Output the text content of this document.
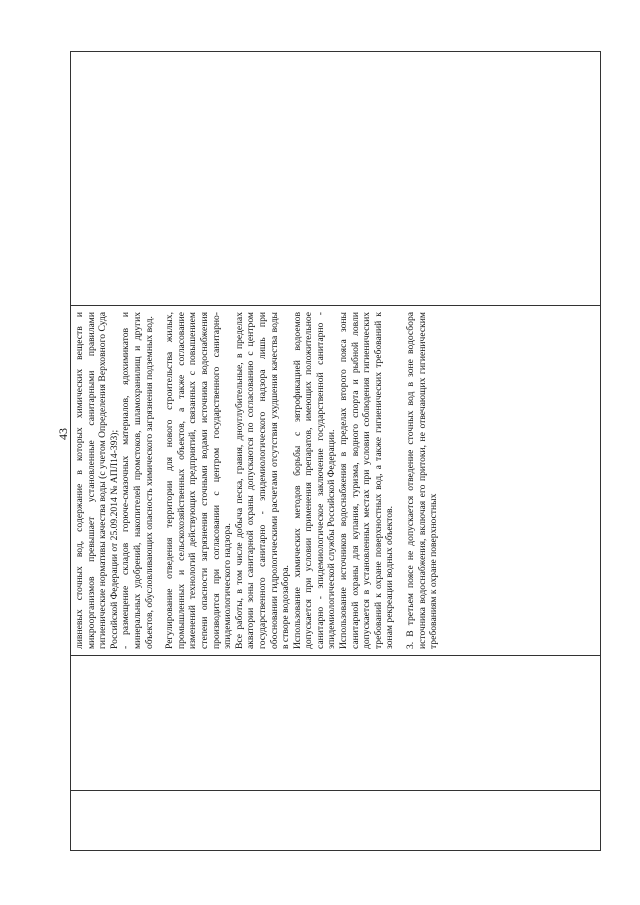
43 ливневых сточных вод, содержание в которых химических веществ и микроорганизмов превышает установленные санитарными правилами гигиенические нормативы качества воды (с учетом Определения Верховного Суда Российской Федерации от 25.09.2014 № АПЛ14-393); - размещение складов горюче-смазочных материалов, ядохимикатов и минеральных удобрений, накопителей промстоков, шламохранилищ и других объектов, обусловливающих опасность химического загрязнения подземных вод. Регулирование отведения территории для нового строительства жилых, промышленных и сельскохозяйственных объектов, а также согласование изменений технологий действующих предприятий, связанных с повышением степени опасности загрязнения сточными водами источника водоснабжения производится при согласовании с центром государственного санитарно-эпидемиологического надзора. Все работы, в том числе добыча песка, гравия, дноуглубительные, в пределах акватории зоны санитарной охраны допускаются по согласованию с центром государственного санитарно - эпидемиологического надзора лишь при обосновании гидрологическими расчетами отсутствия ухудшения качества воды в створе водозабора. Использование химических методов борьбы с эвтрофикацией водоемов допускается при условии применения препаратов, имеющих положительное санитарно - эпидемиологическое заключение государственной санитарно - эпидемиологической службы Российской Федерации. Использование источников водоснабжения в пределах второго пояса зоны санитарной охраны для купания, туризма, водного спорта и рыбной ловли допускается в установленных местах при условии соблюдения гигиенических требований к охране поверхностных вод, а также гигиенических требований к зонам рекреации водных объектов. 3. В третьем поясе не допускается отведение сточных вод в зоне водосбора источника водоснабжения, включая его притоки, не отвечающих гигиеническим требованиям к охране поверхностных
